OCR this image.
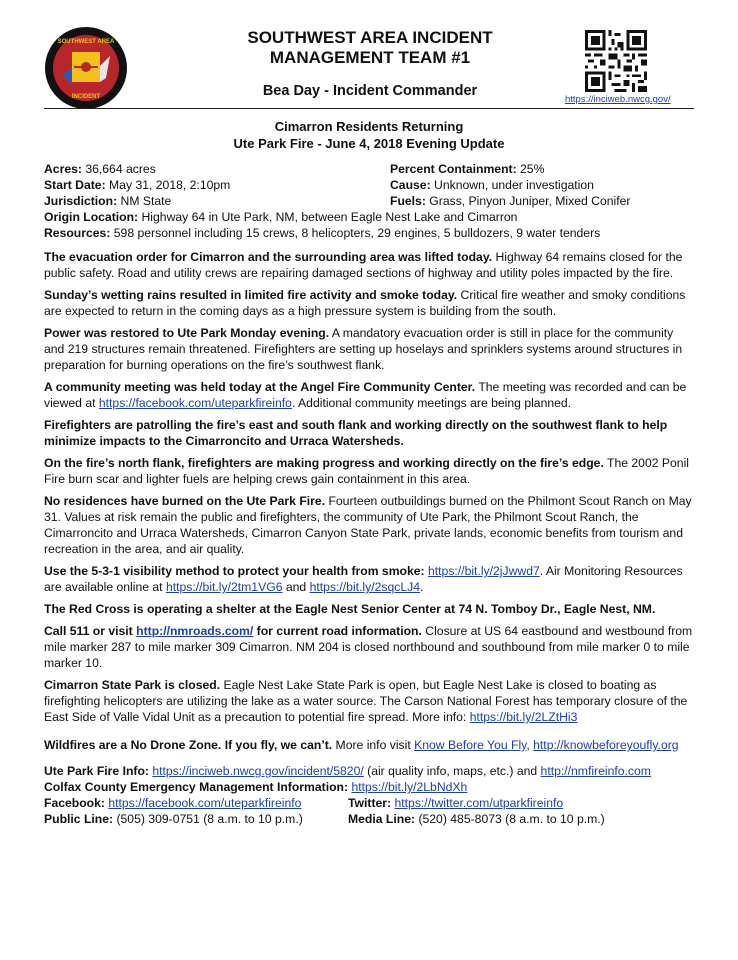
SOUTHWEST AREA
INCIDENT
SOUTHWEST AREA INCIDENT
MANAGEMENT TEAM #1
Bea Day - Incident Commander
https://inciweb.nwcg.gov/
Cimarron Residents Returning
Ute Park Fire - June 4, 2018 Evening Update
Acres: 36,664 acres	Percent Containment: 25%
Start Date: May 31, 2018, 2:10pm	Cause: Unknown, under investigation
Jurisdiction: NM State	Fuels: Grass, Pinyon Juniper, Mixed Conifer
Origin Location: Highway 64 in Ute Park, NM, between Eagle Nest Lake and Cimarron
Resources: 598 personnel including 15 crews, 8 helicopters, 29 engines, 5 bulldozers, 9 water tenders

The evacuation order for Cimarron and the surrounding area was lifted today. Highway 64 remains closed for the public safety. Road and utility crews are repairing damaged sections of highway and utility poles impacted by the fire.

Sunday’s wetting rains resulted in limited fire activity and smoke today. Critical fire weather and smoky conditions are expected to return in the coming days as a high pressure system is building from the south.

Power was restored to Ute Park Monday evening. A mandatory evacuation order is still in place for the community and 219 structures remain threatened. Firefighters are setting up hoselays and sprinklers systems around structures in preparation for burning operations on the fire’s southwest flank.

A community meeting was held today at the Angel Fire Community Center. The meeting was recorded and can be viewed at https://facebook.com/uteparkfireinfo. Additional community meetings are being planned.

Firefighters are patrolling the fire’s east and south flank and working directly on the southwest flank to help minimize impacts to the Cimarroncito and Urraca Watersheds.

On the fire’s north flank, firefighters are making progress and working directly on the fire’s edge. The 2002 Ponil Fire burn scar and lighter fuels are helping crews gain containment in this area.

No residences have burned on the Ute Park Fire. Fourteen outbuildings burned on the Philmont Scout Ranch on May 31. Values at risk remain the public and firefighters, the community of Ute Park, the Philmont Scout Ranch, the Cimarroncito and Urraca Watersheds, Cimarron Canyon State Park, private lands, economic benefits from tourism and recreation in the area, and air quality.

Use the 5-3-1 visibility method to protect your health from smoke: https://bit.ly/2jJwwd7. Air Monitoring Resources are available online at https://bit.ly/2tm1VG6 and https://bit.ly/2sqcLJ4.

The Red Cross is operating a shelter at the Eagle Nest Senior Center at 74 N. Tomboy Dr., Eagle Nest, NM.

Call 511 or visit http://nmroads.com/ for current road information. Closure at US 64 eastbound and westbound from mile marker 287 to mile marker 309 Cimarron. NM 204 is closed northbound and southbound from mile marker 0 to mile marker 10.

Cimarron State Park is closed. Eagle Nest Lake State Park is open, but Eagle Nest Lake is closed to boating as firefighting helicopters are utilizing the lake as a water source. The Carson National Forest has temporary closure of the East Side of Valle Vidal Unit as a precaution to potential fire spread. More info: https://bit.ly/2LZtHi3

Wildfires are a No Drone Zone. If you fly, we can’t. More info visit Know Before You Fly, http://knowbeforeyoufly.org

Ute Park Fire Info: https://inciweb.nwcg.gov/incident/5820/ (air quality info, maps, etc.) and http://nmfireinfo.com
Colfax County Emergency Management Information: https://bit.ly/2LbNdXh
Facebook: https://facebook.com/uteparkfireinfo	Twitter: https://twitter.com/utparkfireinfo
Public Line: (505) 309-0751 (8 a.m. to 10 p.m.)	Media Line: (520) 485-8073 (8 a.m. to 10 p.m.)
